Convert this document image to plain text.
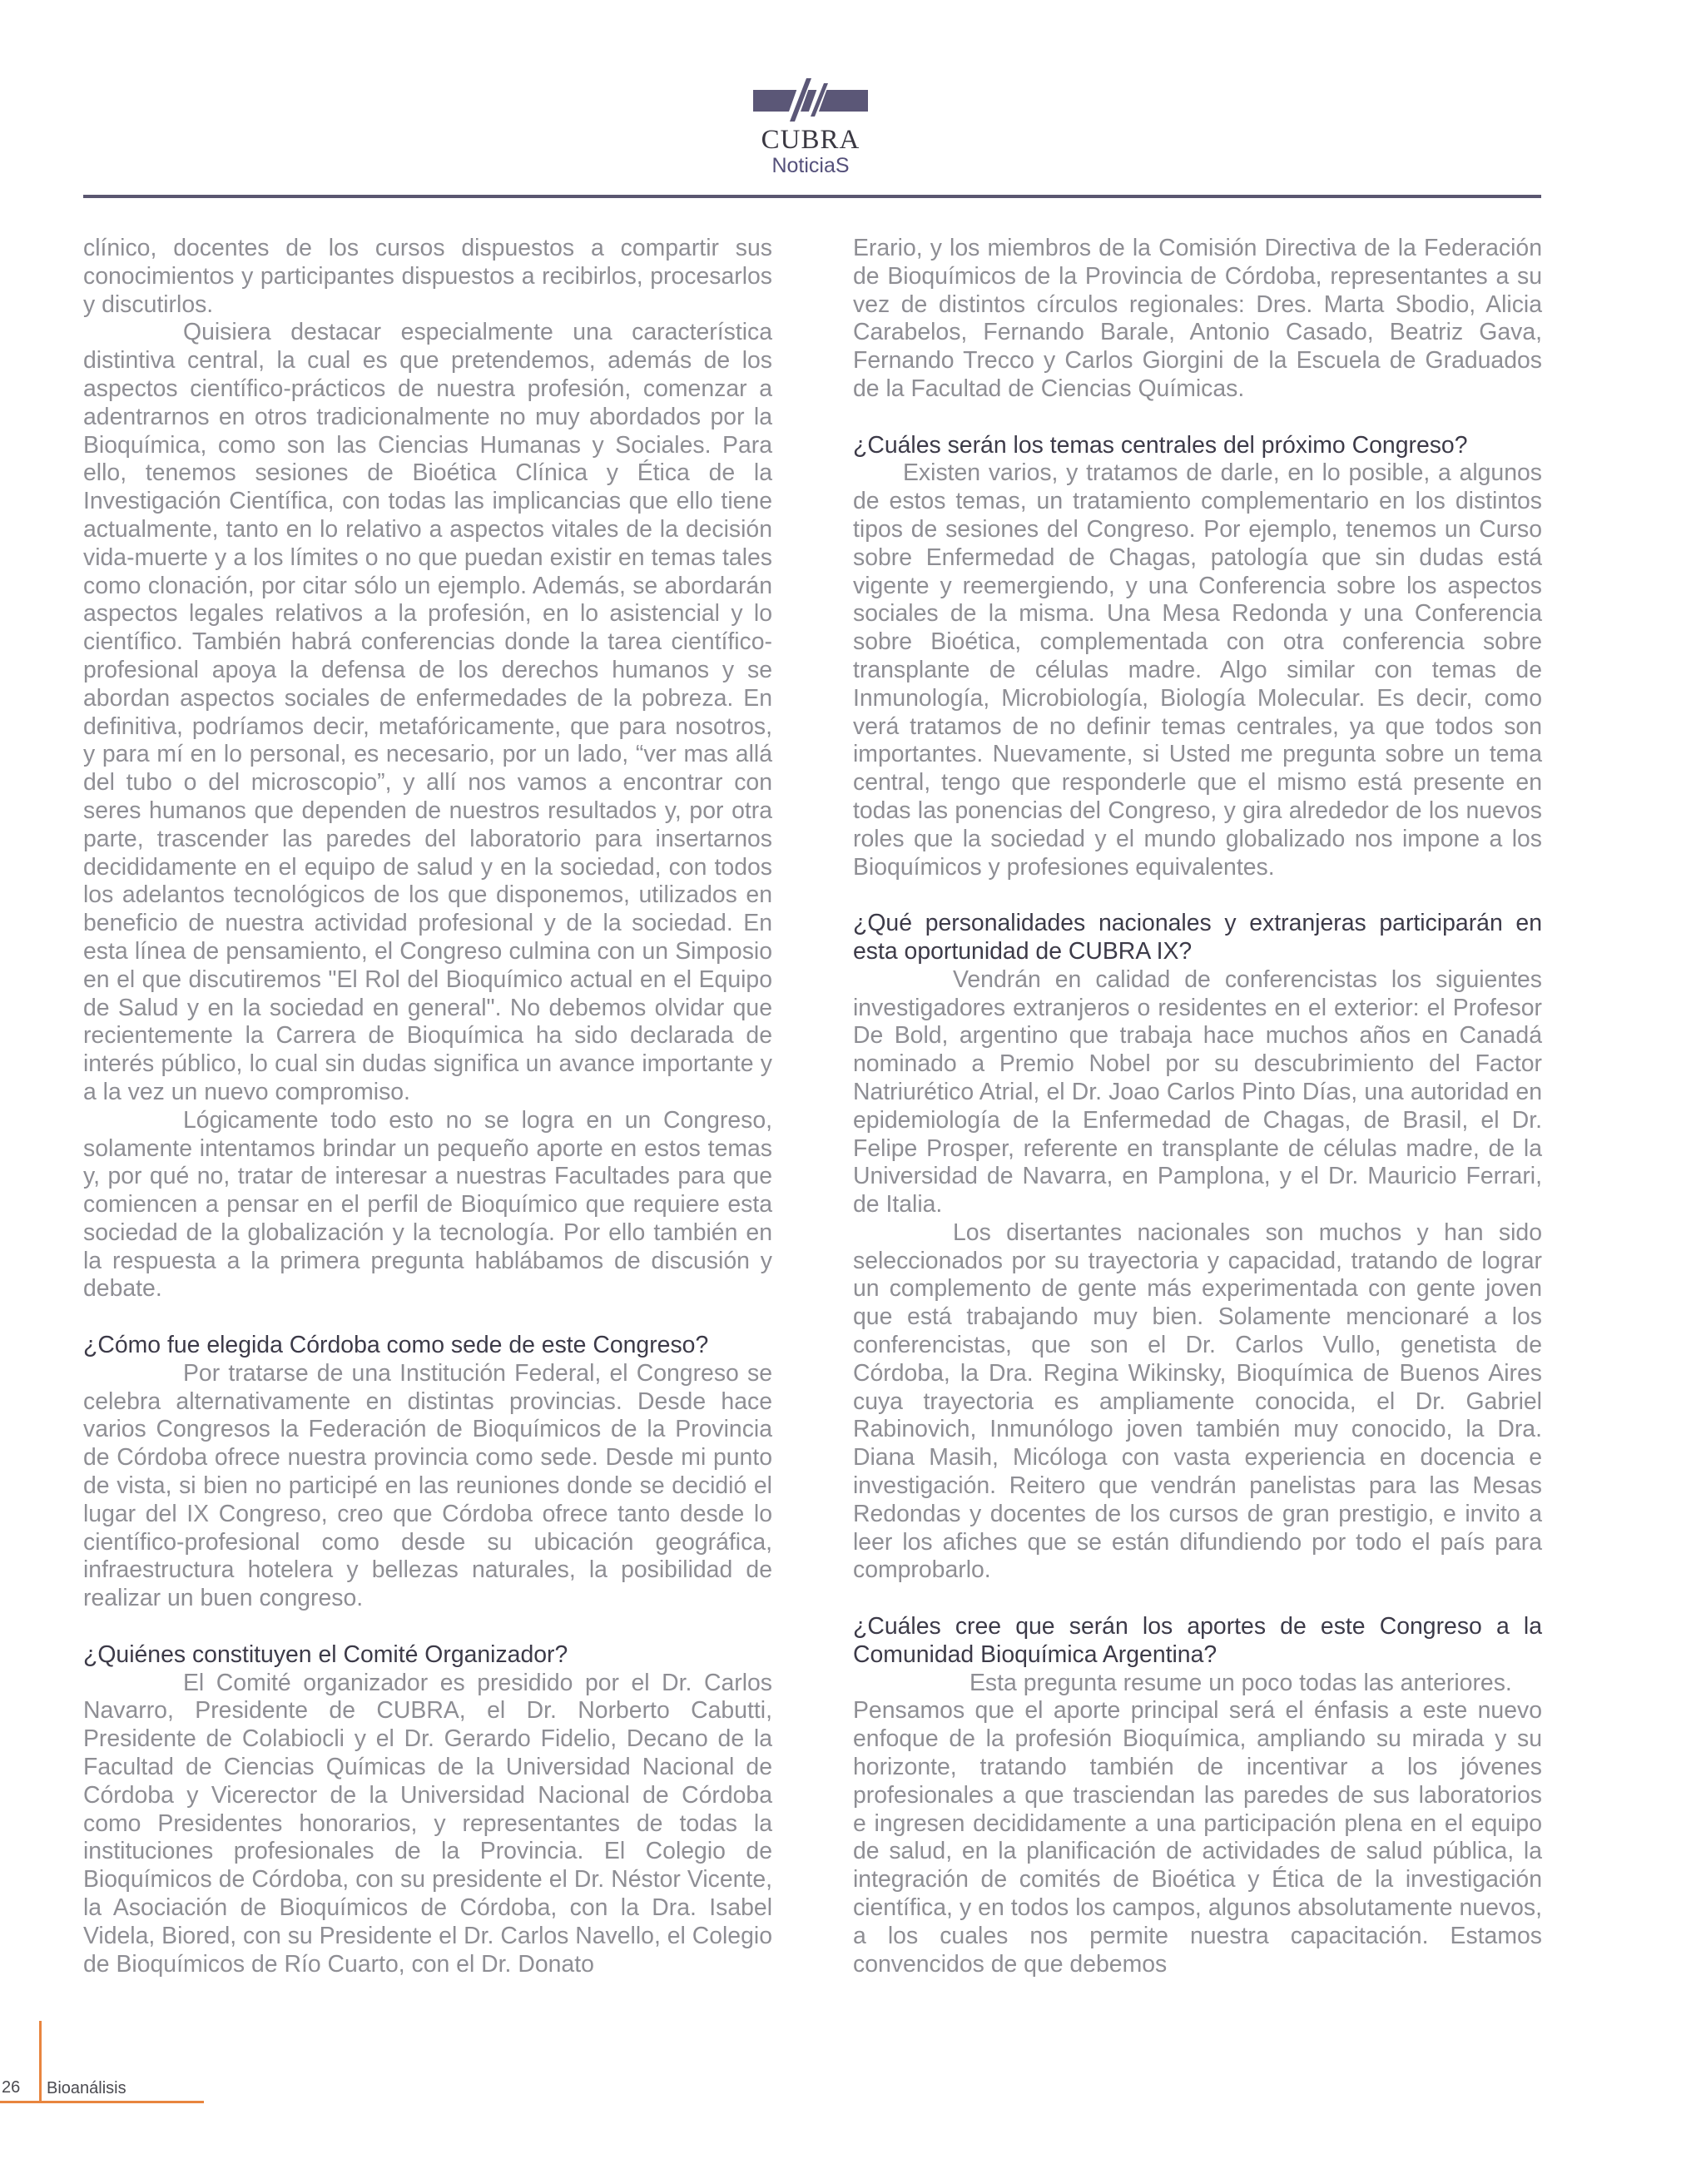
CUBRA
NoticiaS

clínico, docentes de los cursos dispuestos a compartir sus conocimientos y participantes dispuestos a recibirlos, procesarlos y discutirlos.

Quisiera destacar especialmente una característica distintiva central, la cual es que pretendemos, además de los aspectos científico-prácticos de nuestra profesión, comenzar a adentrarnos en otros tradicionalmente no muy abordados por la Bioquímica, como son las Ciencias Humanas y Sociales. Para ello, tenemos sesiones de Bioética Clínica y Ética de la Investigación Científica, con todas las implicancias que ello tiene actualmente, tanto en lo relativo a aspectos vitales de la decisión vida-muerte y a los límites o no que puedan existir en temas tales como clonación, por citar sólo un ejemplo. Además, se abordarán aspectos legales relativos a la profesión, en lo asistencial y lo científico. También habrá conferencias donde la tarea científico-profesional apoya la defensa de los derechos humanos y se abordan aspectos sociales de enfermedades de la pobreza. En definitiva, podríamos decir, metafóricamente, que para nosotros, y para mí en lo personal, es necesario, por un lado, “ver mas allá del tubo o del microscopio”, y allí nos vamos a encontrar con seres humanos que dependen de nuestros resultados y, por otra parte, trascender las paredes del laboratorio para insertarnos decididamente en el equipo de salud y en la sociedad, con todos los adelantos tecnológicos de los que disponemos, utilizados en beneficio de nuestra actividad profesional y de la sociedad. En esta línea de pensamiento, el Congreso culmina con un Simposio en el que discutiremos "El Rol del Bioquímico actual en el Equipo de Salud y en la sociedad en general". No debemos olvidar que recientemente la Carrera de Bioquímica ha sido declarada de interés público, lo cual sin dudas significa un avance importante y a la vez un nuevo compromiso.

Lógicamente todo esto no se logra en un Congreso, solamente intentamos brindar un pequeño aporte en estos temas y, por qué no, tratar de interesar a nuestras Facultades para que comiencen a pensar en el perfil de Bioquímico que requiere esta sociedad de la globalización y la tecnología. Por ello también en la respuesta a la primera pregunta hablábamos de discusión y debate.

¿Cómo fue elegida Córdoba como sede de este Congreso?

Por tratarse de una Institución Federal, el Congreso se celebra alternativamente en distintas provincias. Desde hace varios Congresos la Federación de Bioquímicos de la Provincia de Córdoba ofrece nuestra provincia como sede. Desde mi punto de vista, si bien no participé en las reuniones donde se decidió el lugar del IX Congreso, creo que Córdoba ofrece tanto desde lo científico-profesional como desde su ubicación geográfica, infraestructura hotelera y bellezas naturales, la posibilidad de realizar un buen congreso.

¿Quiénes constituyen el Comité Organizador?

El Comité organizador es presidido por el Dr. Carlos Navarro, Presidente de CUBRA, el Dr. Norberto Cabutti, Presidente de Colabiocli y el Dr. Gerardo Fidelio, Decano de la Facultad de Ciencias Químicas de la Universidad Nacional de Córdoba y Vicerector de la Universidad Nacional de Córdoba como Presidentes honorarios, y representantes de todas la instituciones profesionales de la Provincia. El Colegio de Bioquímicos de Córdoba, con su presidente el Dr. Néstor Vicente, la Asociación de Bioquímicos de Córdoba, con la Dra. Isabel Videla, Biored, con su Presidente el Dr. Carlos Navello, el Colegio de Bioquímicos de Río Cuarto, con el Dr. Donato

Erario, y los miembros de la Comisión Directiva de la Federación de Bioquímicos de la Provincia de Córdoba, representantes a su vez de distintos círculos regionales: Dres. Marta Sbodio, Alicia Carabelos, Fernando Barale, Antonio Casado, Beatriz Gava, Fernando Trecco y Carlos Giorgini de la Escuela de Graduados de la Facultad de Ciencias Químicas.

¿Cuáles serán los temas centrales del próximo Congreso?

Existen varios, y tratamos de darle, en lo posible, a algunos de estos temas, un tratamiento complementario en los distintos tipos de sesiones del Congreso. Por ejemplo, tenemos un Curso sobre Enfermedad de Chagas, patología que sin dudas está vigente y reemergiendo, y una Conferencia sobre los aspectos sociales de la misma. Una Mesa Redonda y una Conferencia sobre Bioética, complementada con otra conferencia sobre transplante de células madre. Algo similar con temas de Inmunología, Microbiología, Biología Molecular. Es decir, como verá tratamos de no definir temas centrales, ya que todos son importantes. Nuevamente, si Usted me pregunta sobre un tema central, tengo que responderle que el mismo está presente en todas las ponencias del Congreso, y gira alrededor de los nuevos roles que la sociedad y el mundo globalizado nos impone a los Bioquímicos y profesiones equivalentes.

¿Qué personalidades nacionales y extranjeras participarán en esta oportunidad de CUBRA IX?

Vendrán en calidad de conferencistas los siguientes investigadores extranjeros o residentes en el exterior: el Profesor De Bold, argentino que trabaja hace muchos años en Canadá nominado a Premio Nobel por su descubrimiento del Factor Natriurético Atrial, el Dr. Joao Carlos Pinto Días, una autoridad en epidemiología de la Enfermedad de Chagas, de Brasil, el Dr. Felipe Prosper, referente en transplante de células madre, de la Universidad de Navarra, en Pamplona, y el Dr. Mauricio Ferrari, de Italia.

Los disertantes nacionales son muchos y han sido seleccionados por su trayectoria y capacidad, tratando de lograr un complemento de gente más experimentada con gente joven que está trabajando muy bien. Solamente mencionaré a los conferencistas, que son el Dr. Carlos Vullo, genetista de Córdoba, la Dra. Regina Wikinsky, Bioquímica de Buenos Aires cuya trayectoria es ampliamente conocida, el Dr. Gabriel Rabinovich, Inmunólogo joven también muy conocido, la Dra. Diana Masih, Micóloga con vasta experiencia en docencia e investigación. Reitero que vendrán panelistas para las Mesas Redondas y docentes de los cursos de gran prestigio, e invito a leer los afiches que se están difundiendo por todo el país para comprobarlo.

¿Cuáles cree que serán los aportes de este Congreso a la Comunidad Bioquímica Argentina?

Esta pregunta resume un poco todas las anteriores.

Pensamos que el aporte principal será el énfasis a este nuevo enfoque de la profesión Bioquímica, ampliando su mirada y su horizonte, tratando también de incentivar a los jóvenes profesionales a que trasciendan las paredes de sus laboratorios e ingresen decididamente a una participación plena en el equipo de salud, en la planificación de actividades de salud pública, la integración de comités de Bioética y Ética de la investigación científica, y en todos los campos, algunos absolutamente nuevos, a los cuales nos permite nuestra capacitación. Estamos convencidos de que debemos

26 Bioanálisis
